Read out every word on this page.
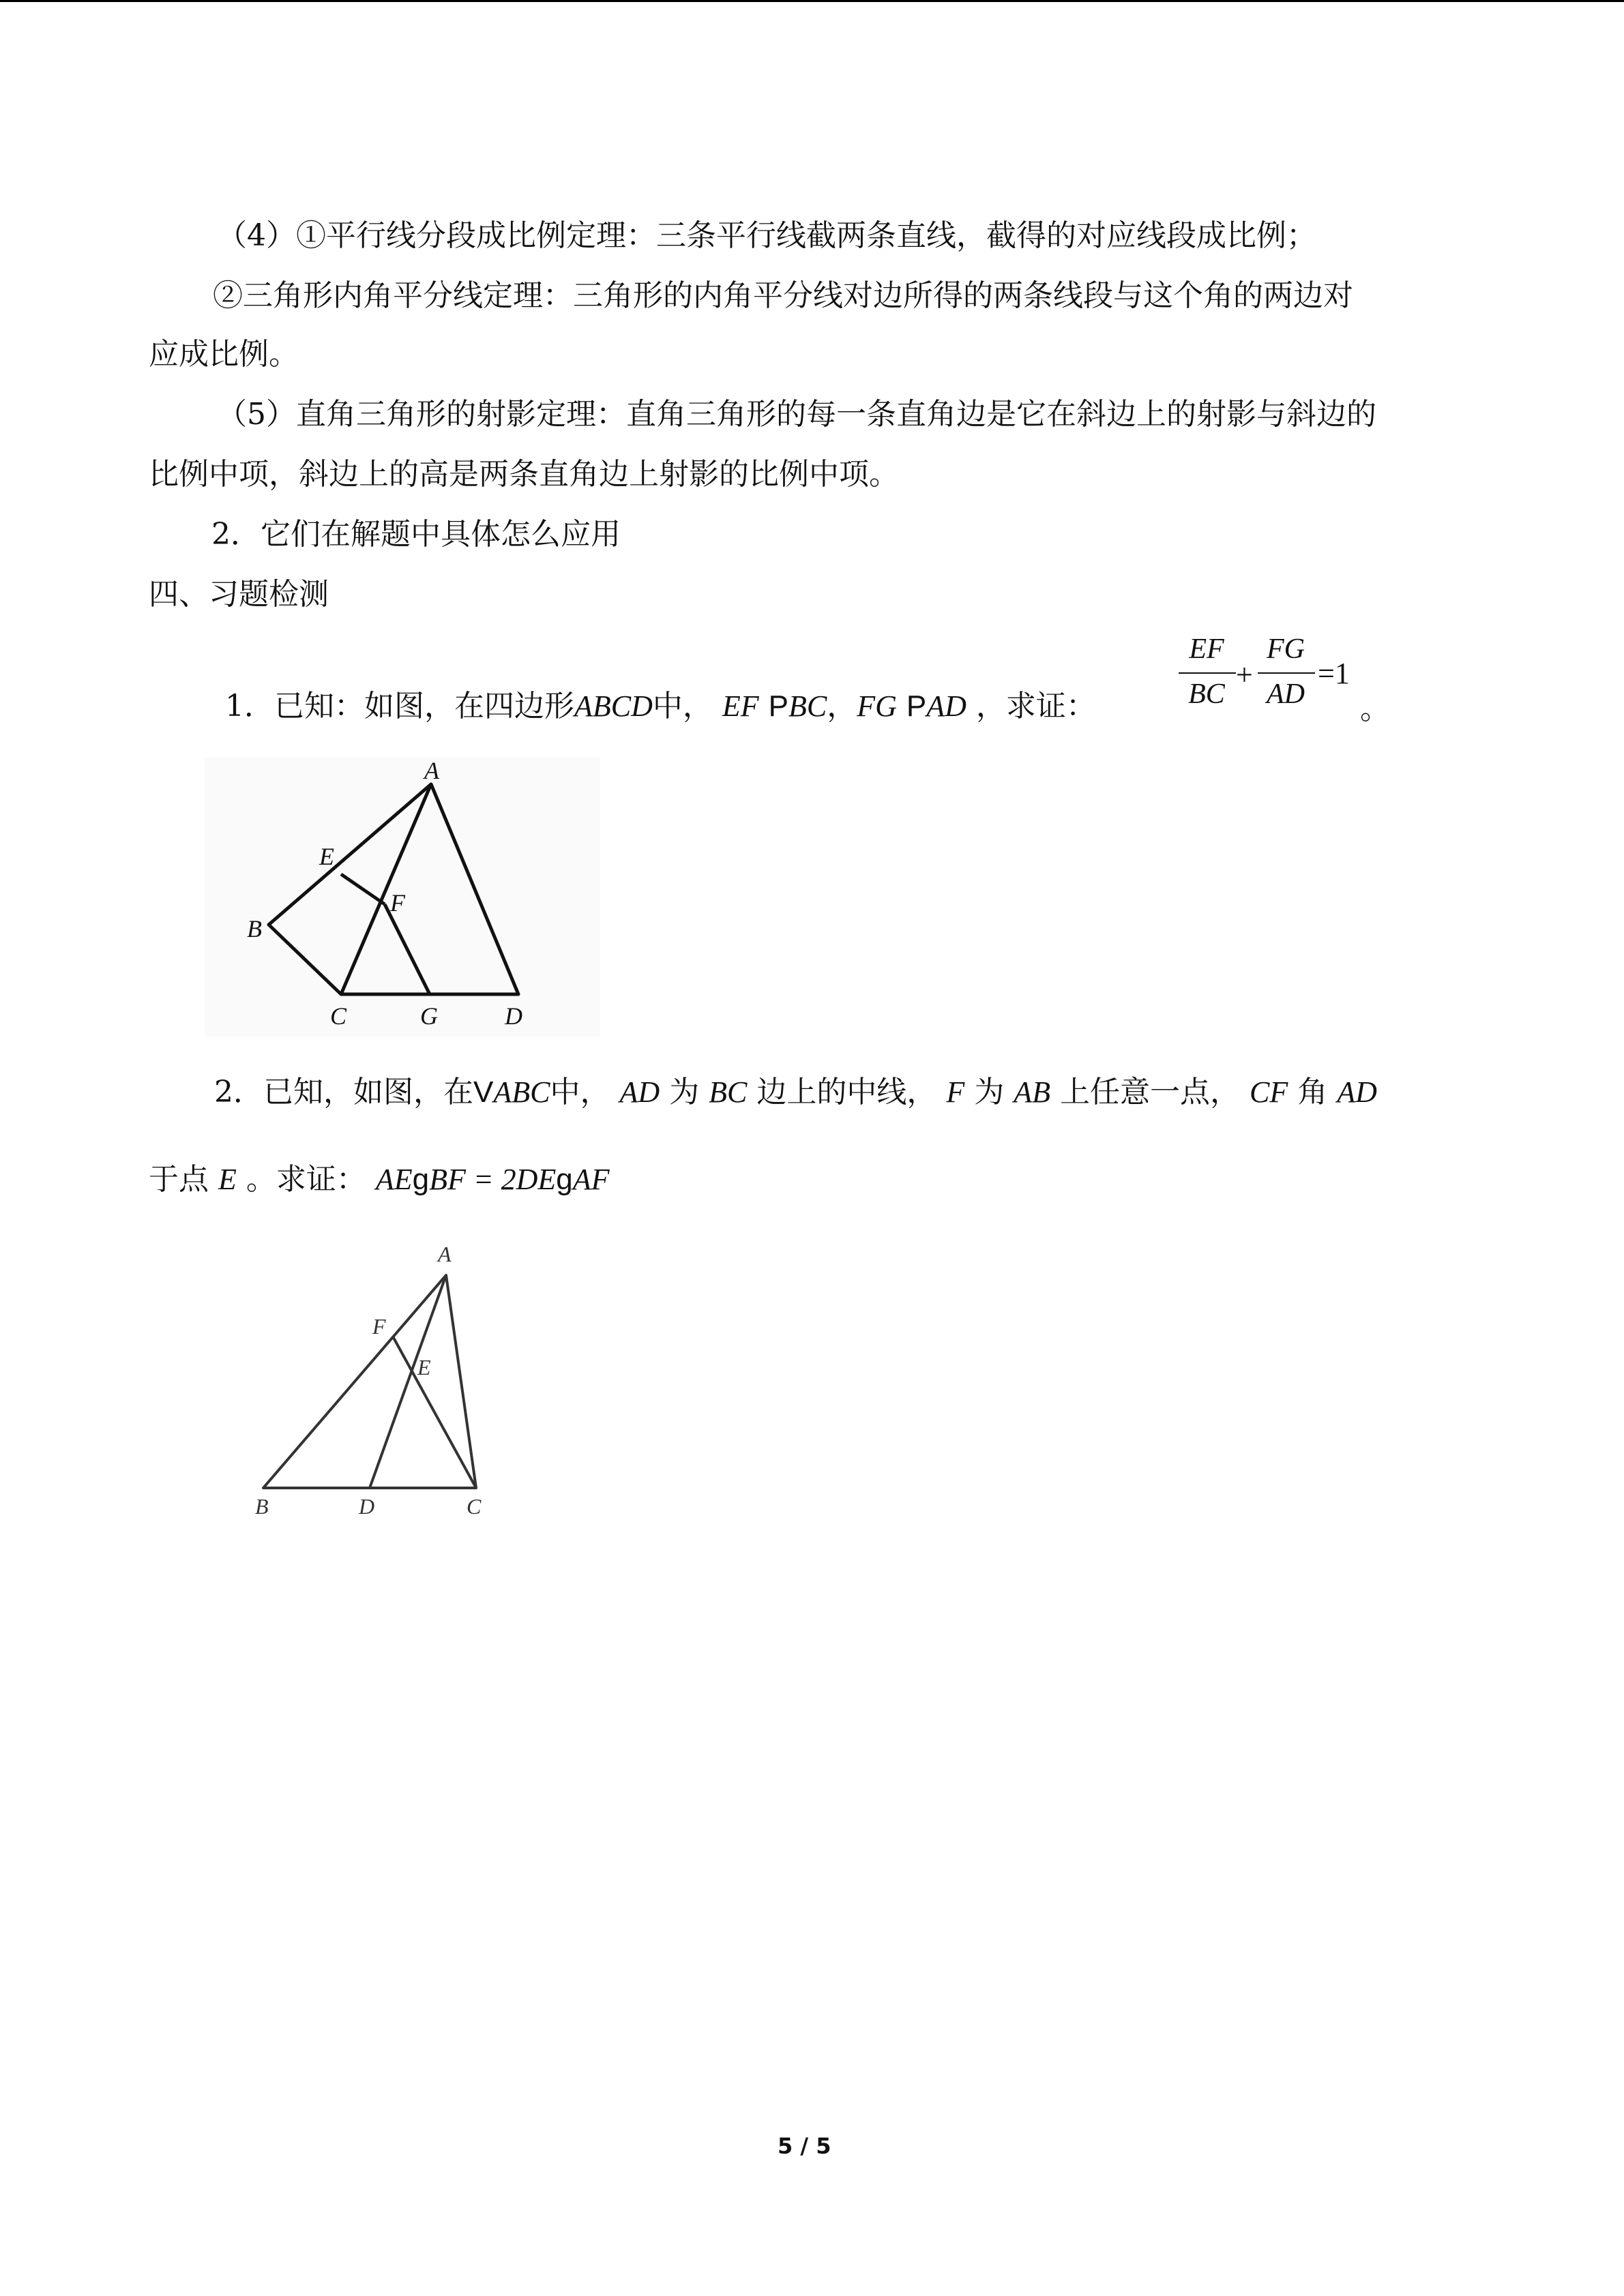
（4）①平行线分段成比例定理：三条平行线截两条直线，截得的对应线段成比例；
②三角形内角平分线定理：三角形的内角平分线对边所得的两条线段与这个角的两边对
应成比例。
（5）直角三角形的射影定理：直角三角形的每一条直角边是它在斜边上的射影与斜边的
比例中项，斜边上的高是两条直角边上射影的比例中项。
2．它们在解题中具体怎么应用
四、习题检测
1．已知：如图，在四边形ABCD中， EF PBC，FG PAD ，求证：
EF
BC
+
FG
AD
=1
。
A
E
F
B
C	G	D
2．已知，如图，在VABC中， AD 为 BC 边上的中线， F 为 AB 上任意一点， CF 角 AD
于点 E 。求证： AEgBF = 2DEgAF
A
F
E
B	D	C
5 / 5
